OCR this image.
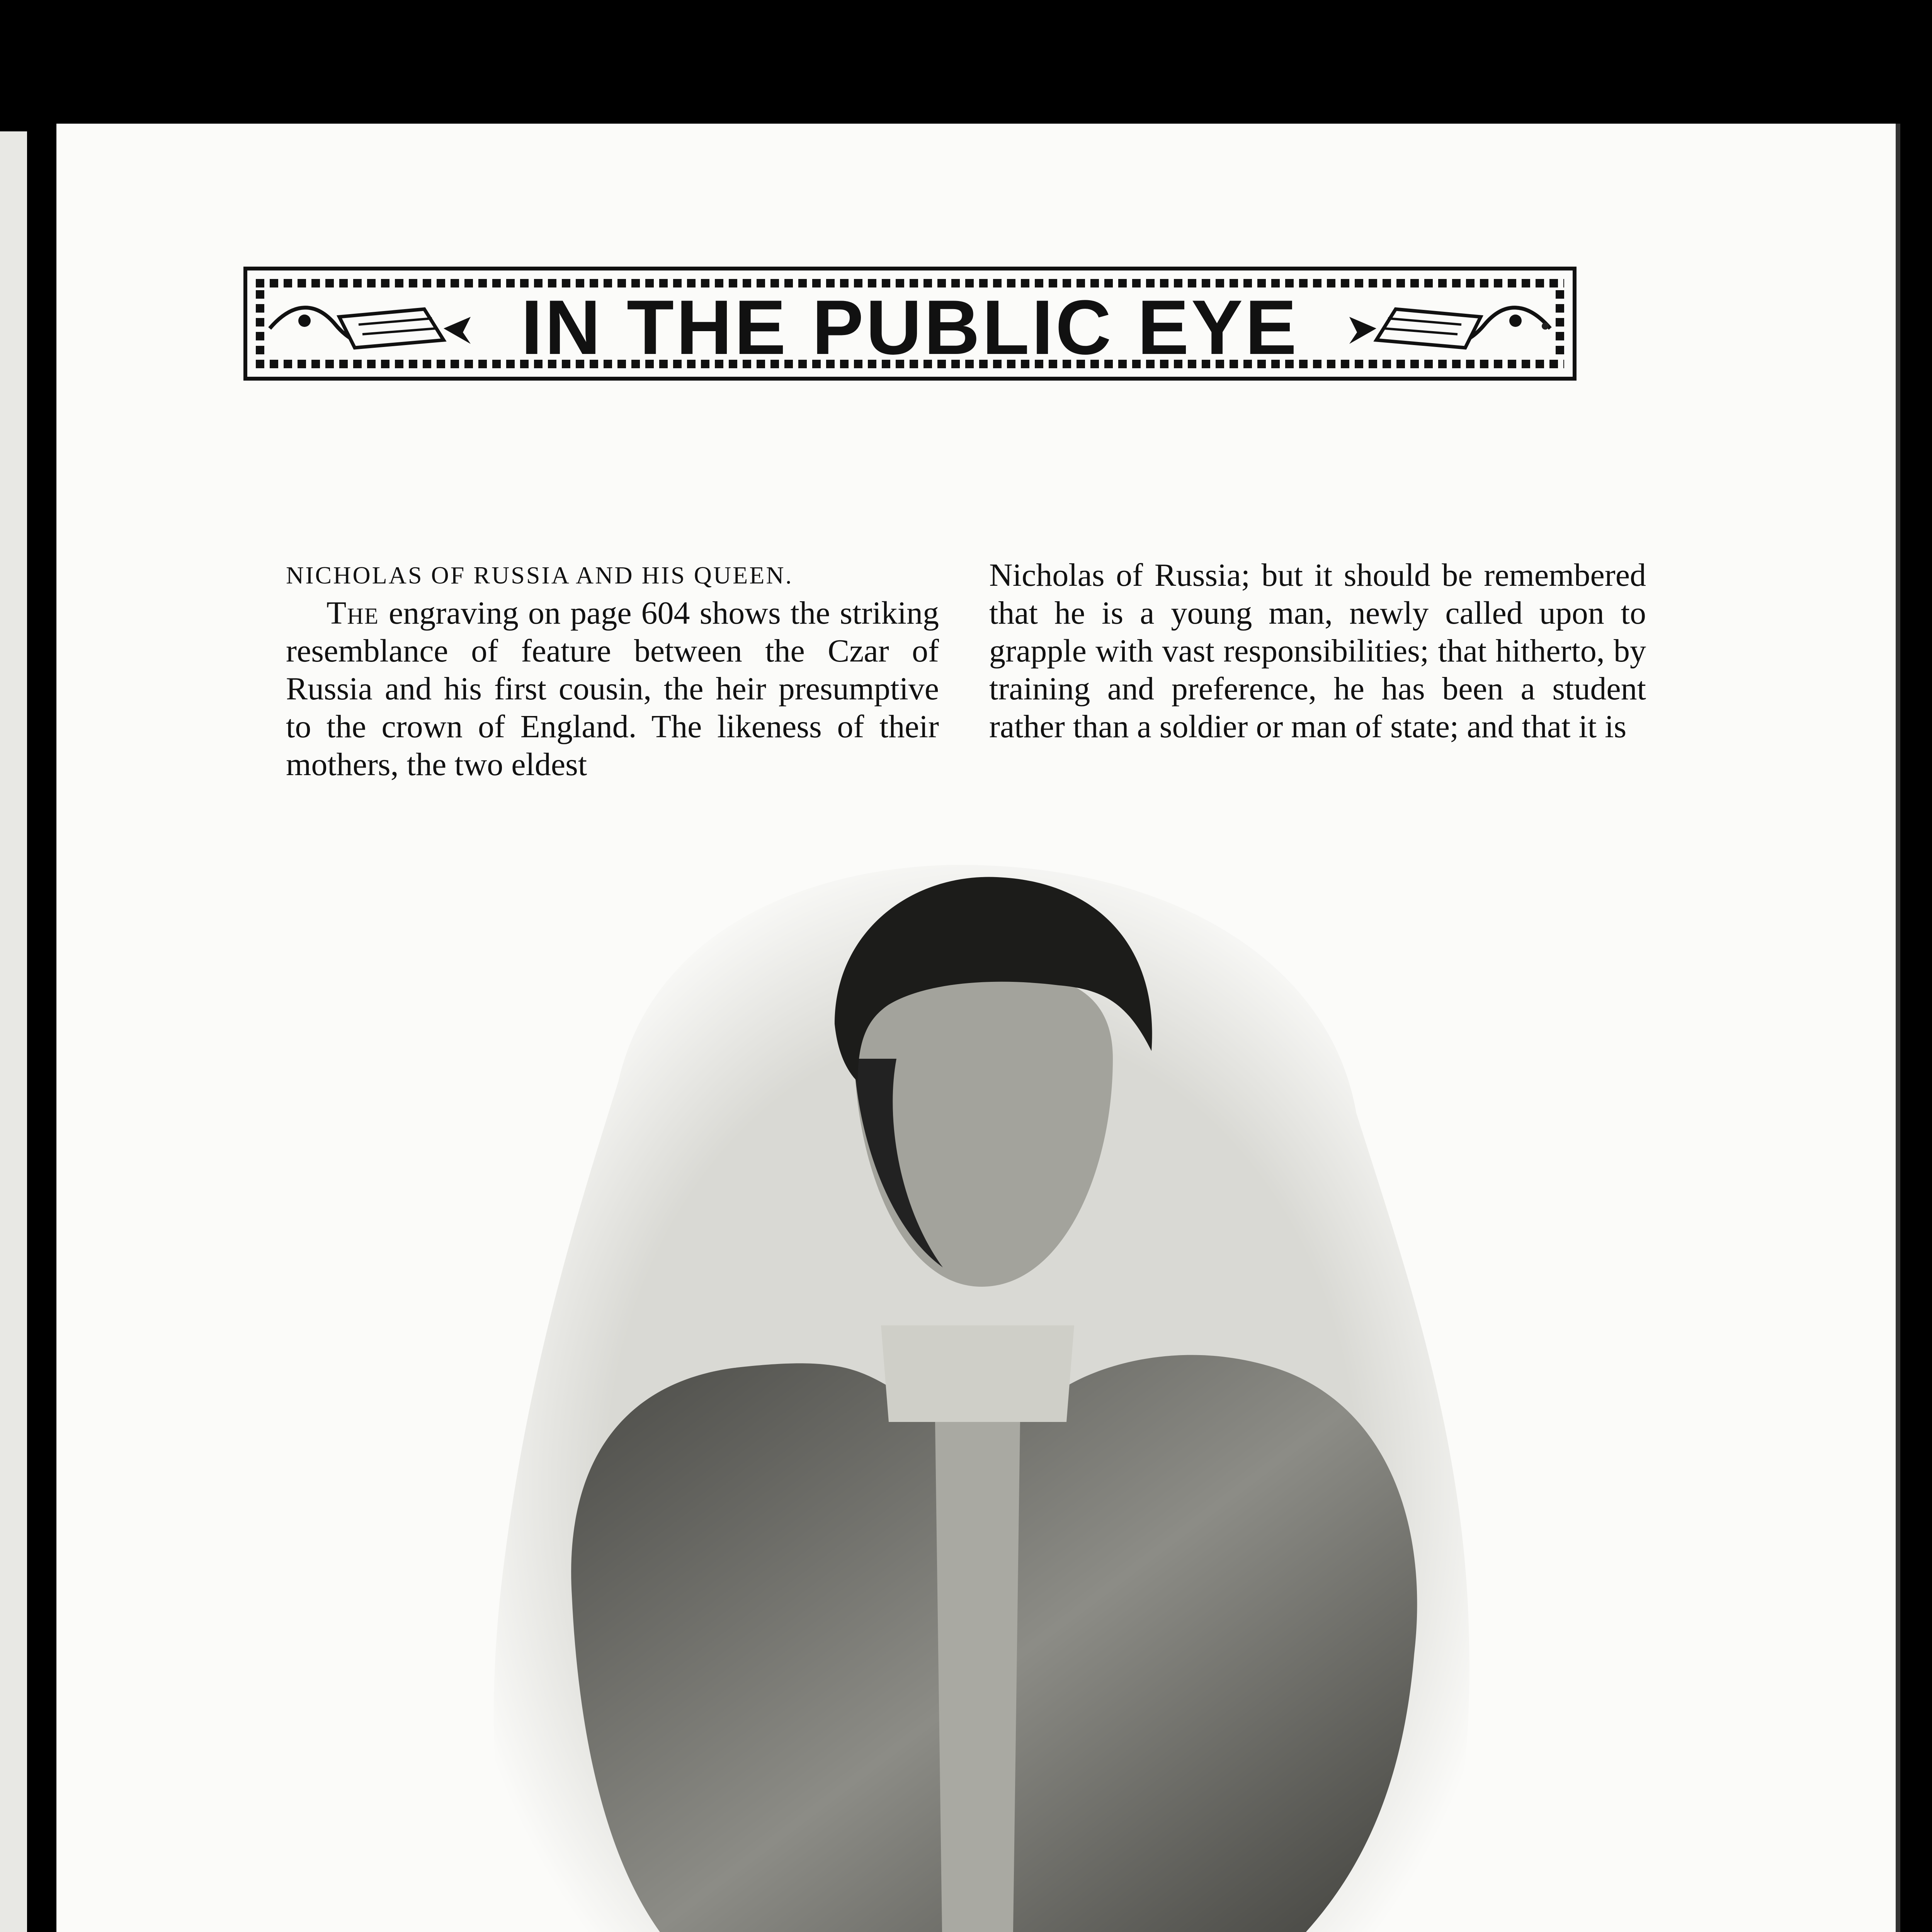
IN THE PUBLIC EYE

NICHOLAS OF RUSSIA AND HIS QUEEN.

The engraving on page 604 shows the striking resemblance of feature between the Czar of Russia and his first cousin, the heir presumptive to the crown of England. The likeness of their mothers, the two eldest

Nicholas of Russia; but it should be remembered that he is a young man, newly called upon to grapple with vast responsibilities; that hitherto, by training and preference, he has been a student rather than a soldier or man of state; and that it is
